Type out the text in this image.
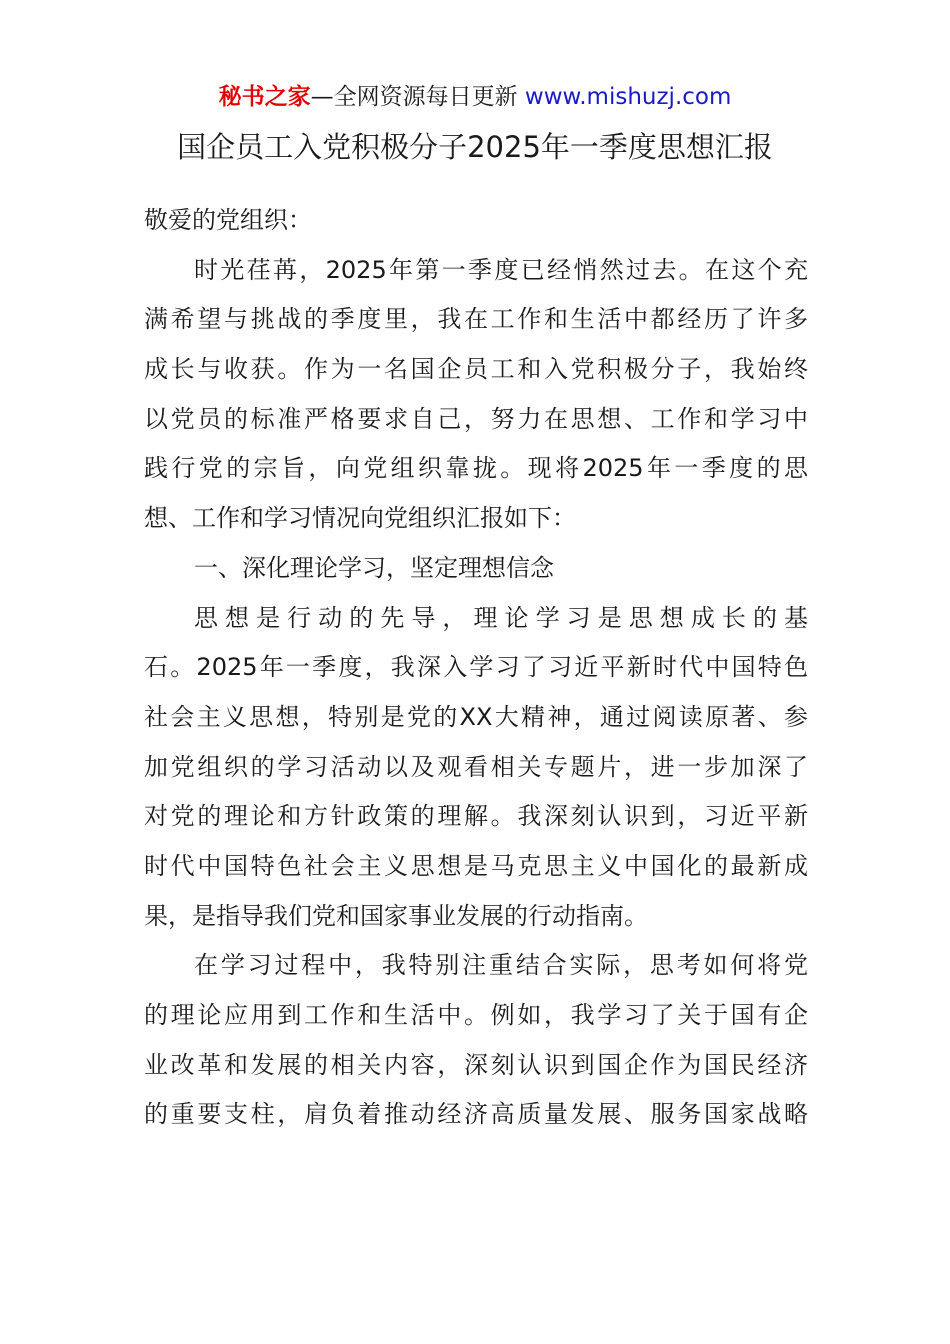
秘书之家—全网资源每日更新 www.mishuzj.com
国企员工入党积极分子2025年一季度思想汇报
敬爱的党组织：
时光荏苒，2025年第一季度已经悄然过去。在这个充
满希望与挑战的季度里，我在工作和生活中都经历了许多
成长与收获。作为一名国企员工和入党积极分子，我始终
以党员的标准严格要求自己，努力在思想、工作和学习中
践行党的宗旨，向党组织靠拢。现将2025年一季度的思
想、工作和学习情况向党组织汇报如下：
一、深化理论学习，坚定理想信念
思想是行动的先导，理论学习是思想成长的基
石。2025年一季度，我深入学习了习近平新时代中国特色
社会主义思想，特别是党的XX大精神，通过阅读原著、参
加党组织的学习活动以及观看相关专题片，进一步加深了
对党的理论和方针政策的理解。我深刻认识到，习近平新
时代中国特色社会主义思想是马克思主义中国化的最新成
果，是指导我们党和国家事业发展的行动指南。
在学习过程中，我特别注重结合实际，思考如何将党
的理论应用到工作和生活中。例如，我学习了关于国有企
业改革和发展的相关内容，深刻认识到国企作为国民经济
的重要支柱，肩负着推动经济高质量发展、服务国家战略
